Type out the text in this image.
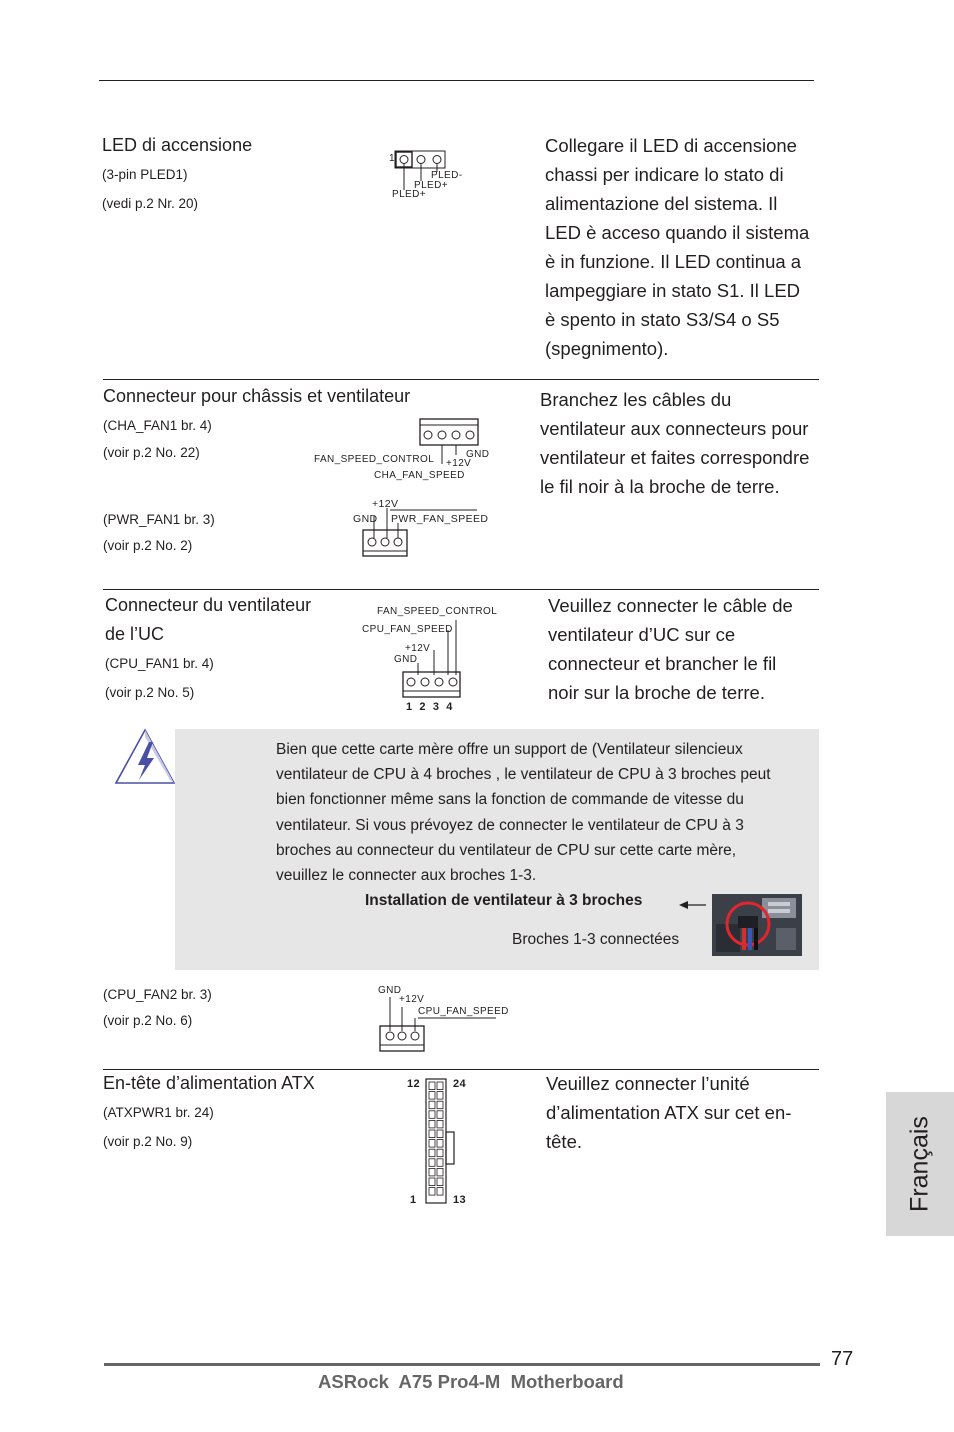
LED di accensione
(3-pin PLED1)
(vedi p.2 Nr. 20)
1
PLED-
PLED+
PLED+
Collegare il LED di accensione
chassi per indicare lo stato di
alimentazione del sistema. Il
LED è acceso quando il sistema
è in funzione. Il LED continua a
lampeggiare in stato S1. Il LED
è spento in stato S3/S4 o S5
(spegnimento).
Connecteur pour châssis et ventilateur
(CHA_FAN1 br. 4)
(voir p.2 No. 22)
(PWR_FAN1 br. 3)
(voir p.2 No. 2)
FAN_SPEED_CONTROL +12V
GND
CHA_FAN_SPEED
+12V
GND PWR_FAN_SPEED
Branchez les câbles du
ventilateur aux connecteurs pour
ventilateur et faites correspondre
le fil noir à la broche de terre.
Connecteur du ventilateur
de l’UC
(CPU_FAN1 br. 4)
(voir p.2 No. 5)
FAN_SPEED_CONTROL
CPU_FAN_SPEED
+12V
GND
1  2  3  4
Veuillez connecter le câble de
ventilateur d’UC sur ce
connecteur et brancher le fil
noir sur la broche de terre.
Bien que cette carte mère offre un support de (Ventilateur silencieux
ventilateur de CPU à 4 broches , le ventilateur de CPU à 3 broches peut
bien fonctionner même sans la fonction de commande de vitesse du
ventilateur. Si vous prévoyez de connecter le ventilateur de CPU à 3
broches au connecteur du ventilateur de CPU sur cette carte mère,
veuillez le connecter aux broches 1-3.
Installation de ventilateur à 3 broches
Broches 1-3 connectées
(CPU_FAN2 br. 3)
(voir p.2 No. 6)
GND
+12V
CPU_FAN_SPEED
En-tête d’alimentation ATX
(ATXPWR1 br. 24)
(voir p.2 No. 9)
12	24
1	13
Veuillez connecter l’unité
d’alimentation ATX sur cet en-
tête.	Français
77
ASRock  A75 Pro4-M  Motherboard
